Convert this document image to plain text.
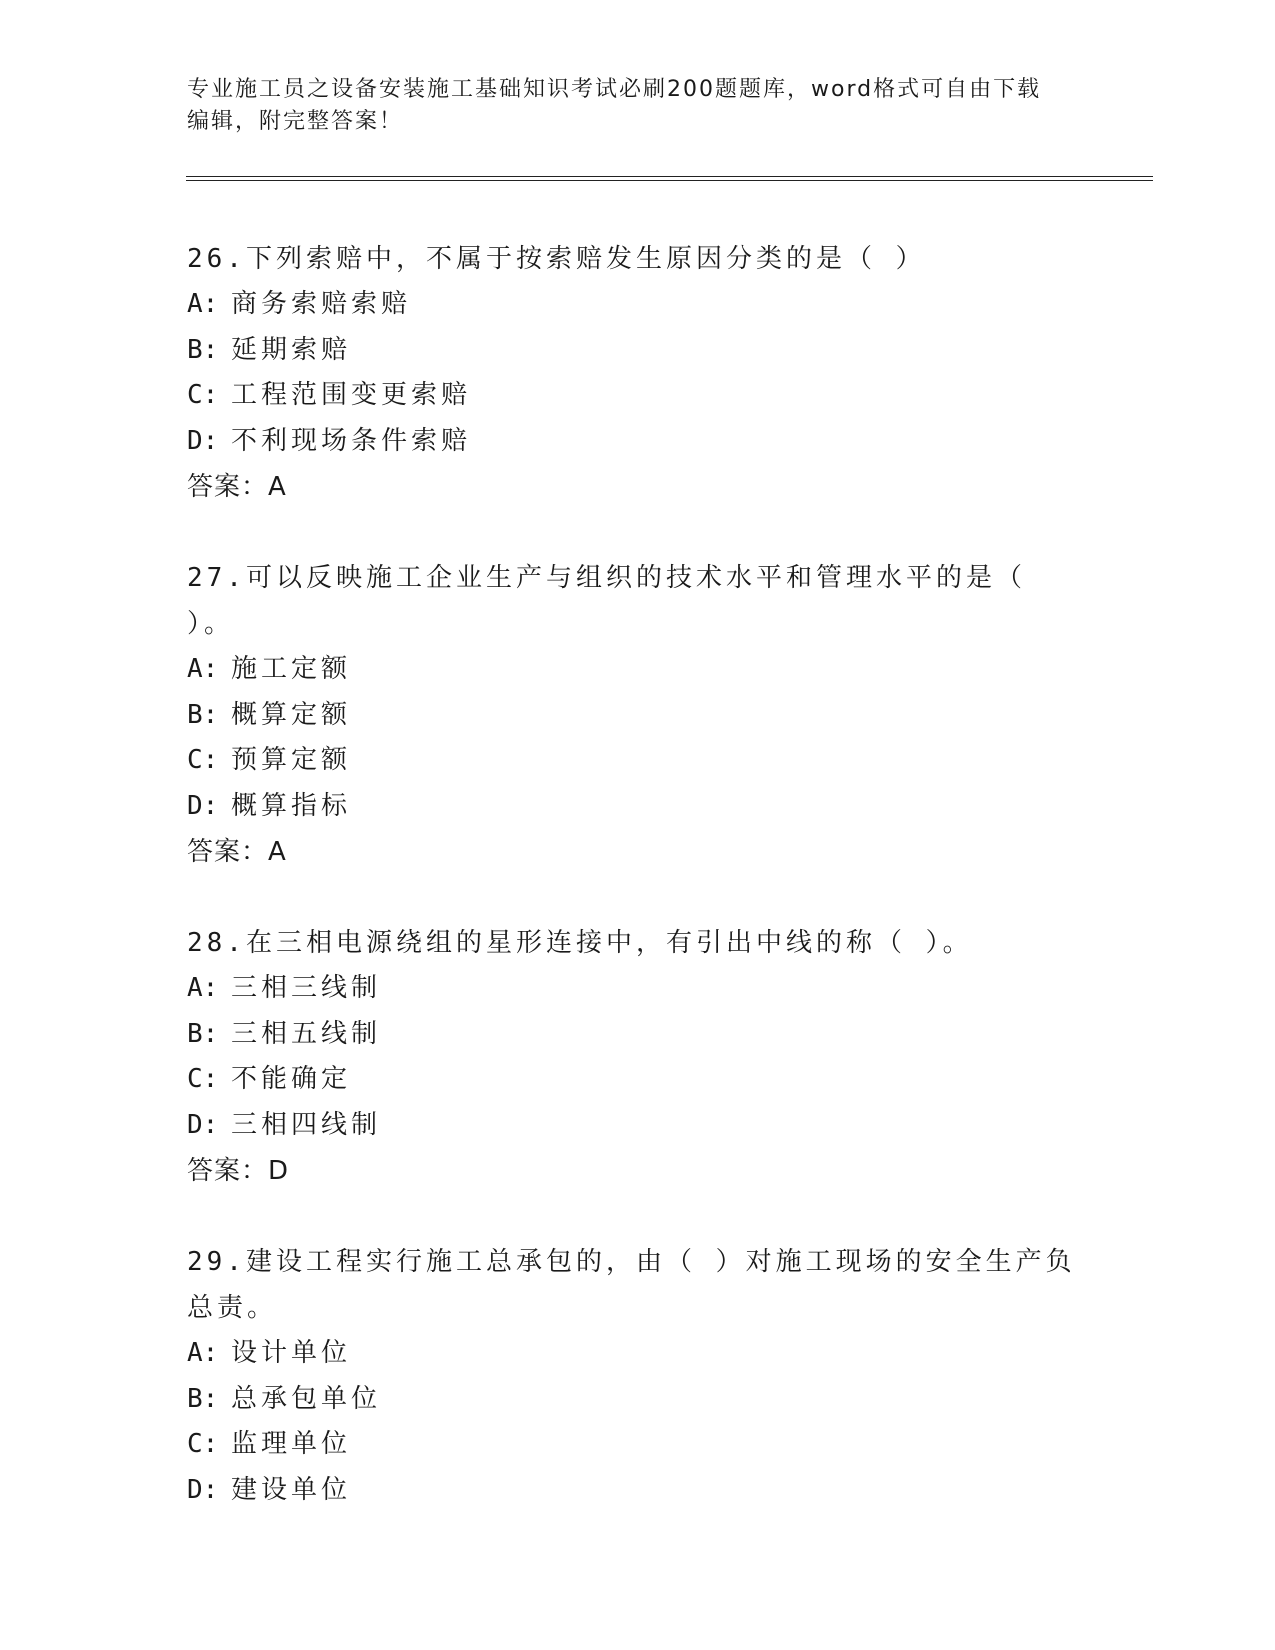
专业施工员之设备安装施工基础知识考试必刷200题题库，word格式可自由下载
编辑，附完整答案！
26.下列索赔中，不属于按索赔发生原因分类的是（ ）
A: 商务索赔索赔
B: 延期索赔
C: 工程范围变更索赔
D: 不利现场条件索赔
答案：A
27.可以反映施工企业生产与组织的技术水平和管理水平的是（ ）。
A: 施工定额
B: 概算定额
C: 预算定额
D: 概算指标
答案：A
28.在三相电源绕组的星形连接中，有引出中线的称（ ）。
A: 三相三线制
B: 三相五线制
C: 不能确定
D: 三相四线制
答案：D
29.建设工程实行施工总承包的，由（ ）对施工现场的安全生产负总责。
A: 设计单位
B: 总承包单位
C: 监理单位
D: 建设单位
